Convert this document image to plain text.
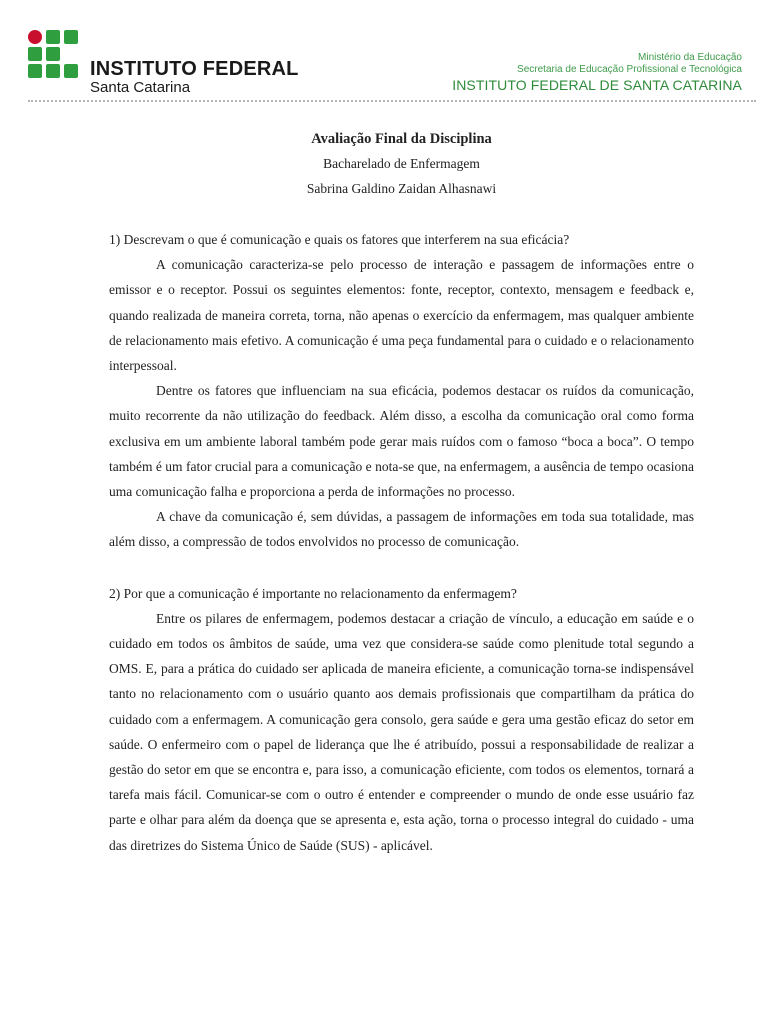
INSTITUTO FEDERAL
Santa Catarina
Ministério da Educação
Secretaria de Educação Profissional e Tecnológica
INSTITUTO FEDERAL DE SANTA CATARINA

Avaliação Final da Disciplina

Bacharelado de Enfermagem

Sabrina Galdino Zaidan Alhasnawi

1) Descrevam o que é comunicação e quais os fatores que interferem na sua eficácia?

A comunicação caracteriza-se pelo processo de interação e passagem de informações entre o emissor e o receptor. Possui os seguintes elementos: fonte, receptor, contexto, mensagem e feedback e, quando realizada de maneira correta, torna, não apenas o exercício da enfermagem, mas qualquer ambiente de relacionamento mais efetivo. A comunicação é uma peça fundamental para o cuidado e o relacionamento interpessoal.

Dentre os fatores que influenciam na sua eficácia, podemos destacar os ruídos da comunicação, muito recorrente da não utilização do feedback. Além disso, a escolha da comunicação oral como forma exclusiva em um ambiente laboral também pode gerar mais ruídos com o famoso “boca a boca”. O tempo também é um fator crucial para a comunicação e nota-se que, na enfermagem, a ausência de tempo ocasiona uma comunicação falha e proporciona a perda de informações no processo.

A chave da comunicação é, sem dúvidas, a passagem de informações em toda sua totalidade, mas além disso, a compressão de todos envolvidos no processo de comunicação.

2) Por que a comunicação é importante no relacionamento da enfermagem?

Entre os pilares de enfermagem, podemos destacar a criação de vínculo, a educação em saúde e o cuidado em todos os âmbitos de saúde, uma vez que considera-se saúde como plenitude total segundo a OMS. E, para a prática do cuidado ser aplicada de maneira eficiente, a comunicação torna-se indispensável tanto no relacionamento com o usuário quanto aos demais profissionais que compartilham da prática do cuidado com a enfermagem. A comunicação gera consolo, gera saúde e gera uma gestão eficaz do setor em saúde. O enfermeiro com o papel de liderança que lhe é atribuído, possui a responsabilidade de realizar a gestão do setor em que se encontra e, para isso, a comunicação eficiente, com todos os elementos, tornará a tarefa mais fácil. Comunicar-se com o outro é entender e compreender o mundo de onde esse usuário faz parte e olhar para além da doença que se apresenta e, esta ação, torna o processo integral do cuidado - uma das diretrizes do Sistema Único de Saúde (SUS) - aplicável.
